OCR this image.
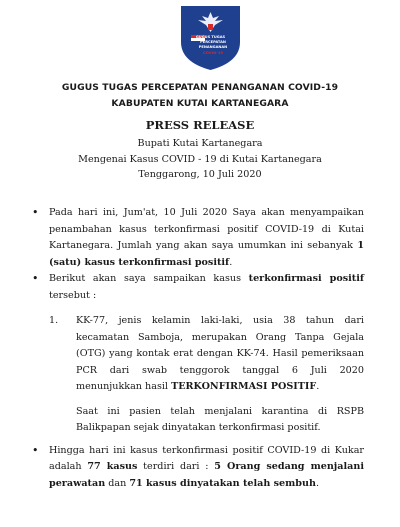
GUGUS TUGAS
PERCEPATAN
PENANGANAN
COVID-19
GUGUS TUGAS PERCEPATAN PENANGANAN COVID-19
KABUPATEN KUTAI KARTANEGARA
PRESS RELEASE
Bupati Kutai Kartanegara
Mengenai Kasus COVID - 19 di Kutai Kartanegara
Tenggarong, 10 Juli 2020
• Pada hari ini, Jum'at, 10 Juli 2020 Saya akan menyampaikan penambahan kasus terkonfirmasi positif COVID-19 di Kutai Kartanegara. Jumlah yang akan saya umumkan ini sebanyak 1 (satu) kasus terkonfirmasi positif.
• Berikut akan saya sampaikan kasus terkonfirmasi positif tersebut :
1. KK-77, jenis kelamin laki-laki, usia 38 tahun dari kecamatan Samboja, merupakan Orang Tanpa Gejala (OTG) yang kontak erat dengan KK-74. Hasil pemeriksaan PCR dari swab tenggorok tanggal 6 Juli 2020 menunjukkan hasil TERKONFIRMASI POSITIF.
Saat ini pasien telah menjalani karantina di RSPB Balikpapan sejak dinyatakan terkonfirmasi positif.
• Hingga hari ini kasus terkonfirmasi positif COVID-19 di Kukar adalah 77 kasus terdiri dari : 5 Orang sedang menjalani perawatan dan 71 kasus dinyatakan telah sembuh.
